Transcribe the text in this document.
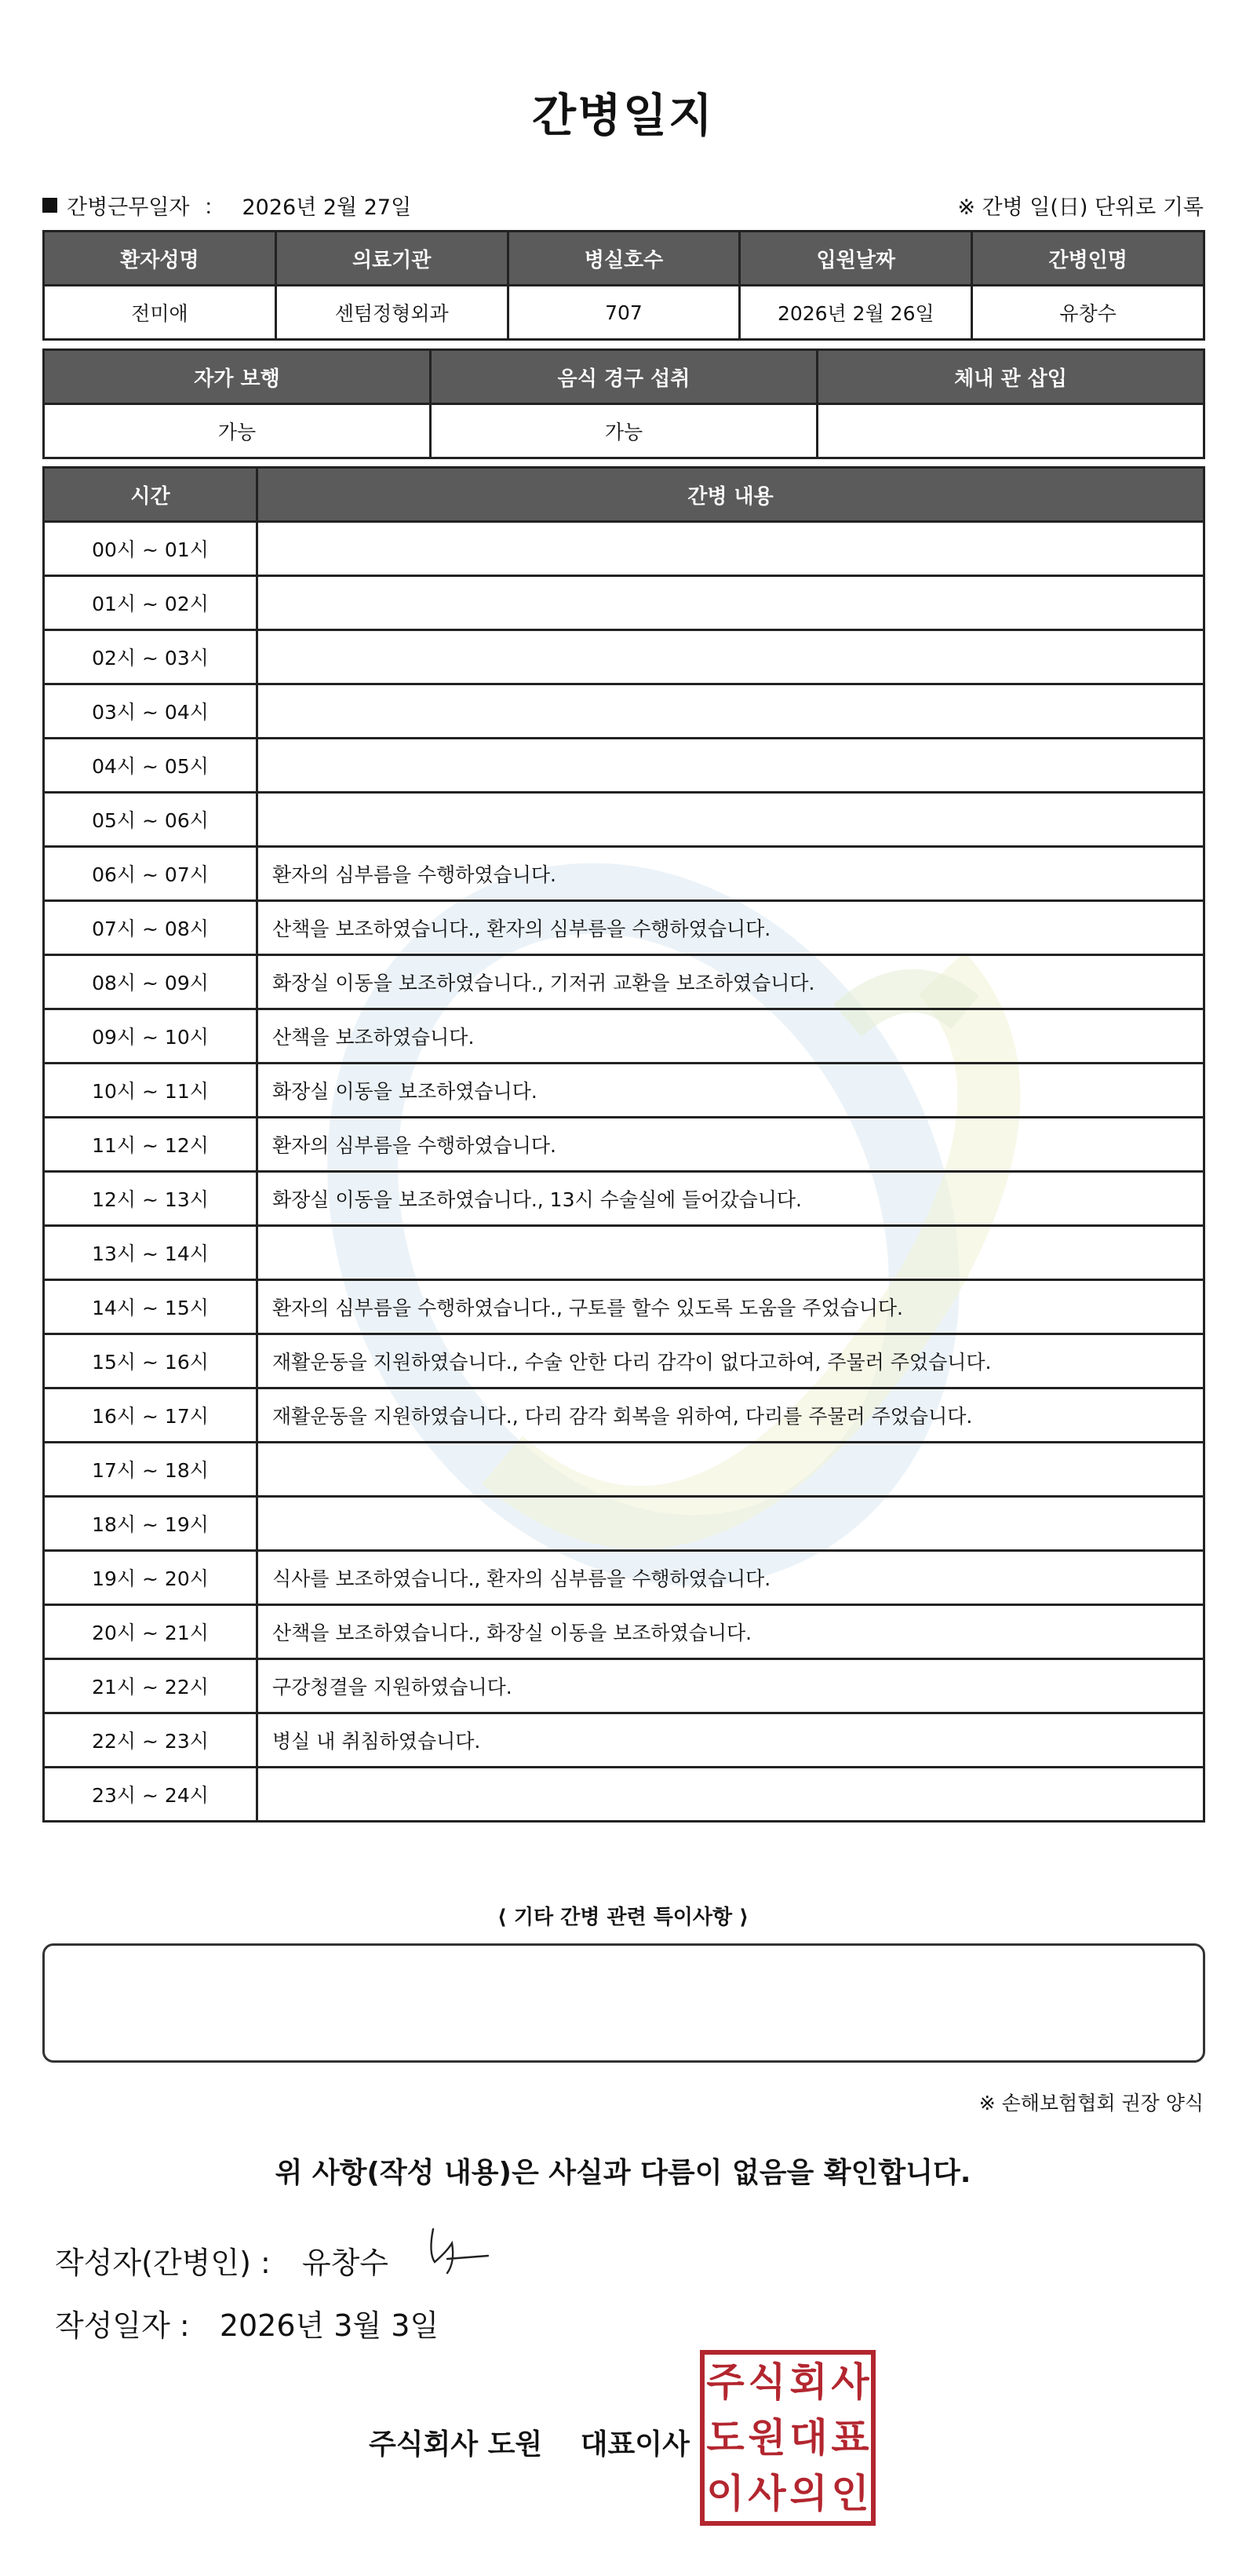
간병일지
간병근무일자 ： 2026년 2월 27일	※ 간병 일(日) 단위로 기록
환자성명	의료기관	병실호수	입원날짜	간병인명
전미애	센텀정형외과	707	2026년 2월 26일	유창수
자가 보행	음식 경구 섭취	체내 관 삽입
가능	가능	
시간	간병 내용
00시 ~ 01시	
01시 ~ 02시	
02시 ~ 03시	
03시 ~ 04시	
04시 ~ 05시	
05시 ~ 06시	
06시 ~ 07시	환자의 심부름을 수행하였습니다.
07시 ~ 08시	산책을 보조하였습니다., 환자의 심부름을 수행하였습니다.
08시 ~ 09시	화장실 이동을 보조하였습니다., 기저귀 교환을 보조하였습니다.
09시 ~ 10시	산책을 보조하였습니다.
10시 ~ 11시	화장실 이동을 보조하였습니다.
11시 ~ 12시	환자의 심부름을 수행하였습니다.
12시 ~ 13시	화장실 이동을 보조하였습니다., 13시 수술실에 들어갔습니다.
13시 ~ 14시	
14시 ~ 15시	환자의 심부름을 수행하였습니다., 구토를 할수 있도록 도움을 주었습니다.
15시 ~ 16시	재활운동을 지원하였습니다., 수술 안한 다리 감각이 없다고하여, 주물러 주었습니다.
16시 ~ 17시	재활운동을 지원하였습니다., 다리 감각 회복을 위하여, 다리를 주물러 주었습니다.
17시 ~ 18시	
18시 ~ 19시	
19시 ~ 20시	식사를 보조하였습니다., 환자의 심부름을 수행하였습니다.
20시 ~ 21시	산책을 보조하였습니다., 화장실 이동을 보조하였습니다.
21시 ~ 22시	구강청결을 지원하였습니다.
22시 ~ 23시	병실 내 취침하였습니다.
23시 ~ 24시	
⟨ 기타 간병 관련 특이사항 ⟩
※ 손해보험협회 권장 양식
위 사항(작성 내용)은 사실과 다름이 없음을 확인합니다.
작성자(간병인) : 유창수
작성일자 : 2026년 3월 3일
주식회사 도원 대표이사
주 식 회 사
도 원 대 표
이 사 의 인
